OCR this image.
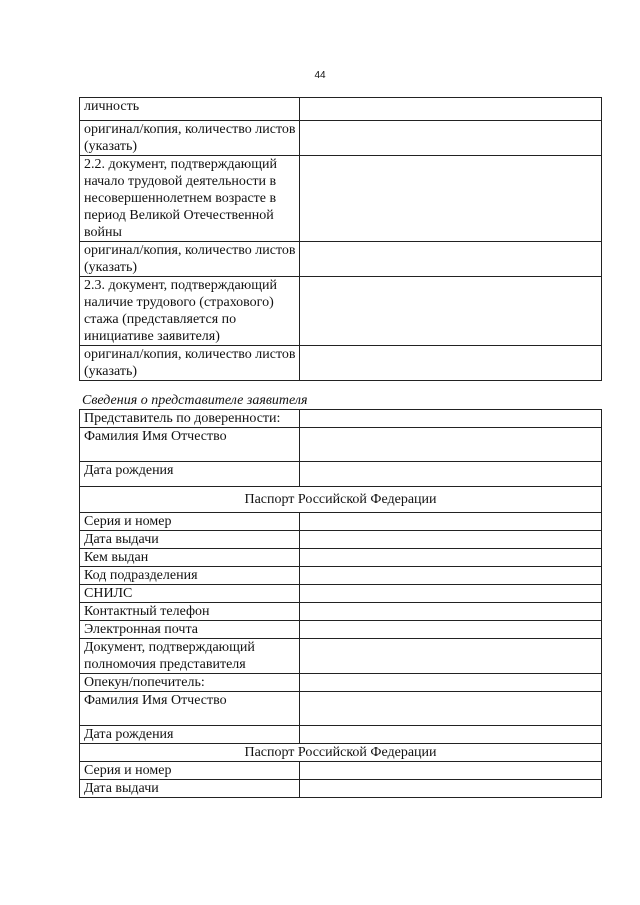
44
личность	
оригинал/копия, количество листов (указать)	
2.2. документ, подтверждающий начало трудовой деятельности в несовершеннолетнем возрасте в период Великой Отечественной войны	
оригинал/копия, количество листов (указать)	
2.3. документ, подтверждающий наличие трудового (страхового) стажа (представляется по инициативе заявителя)	
оригинал/копия, количество листов (указать)	
Сведения о представителе заявителя
Представитель по доверенности:	
Фамилия Имя Отчество	
Дата рождения	
Паспорт Российской Федерации	
Серия и номер	
Дата выдачи	
Кем выдан	
Код подразделения	
СНИЛС	
Контактный телефон	
Электронная почта	
Документ, подтверждающий полномочия представителя	
Опекун/попечитель:	
Фамилия Имя Отчество	
Дата рождения	
Паспорт Российской Федерации	
Серия и номер	
Дата выдачи	
